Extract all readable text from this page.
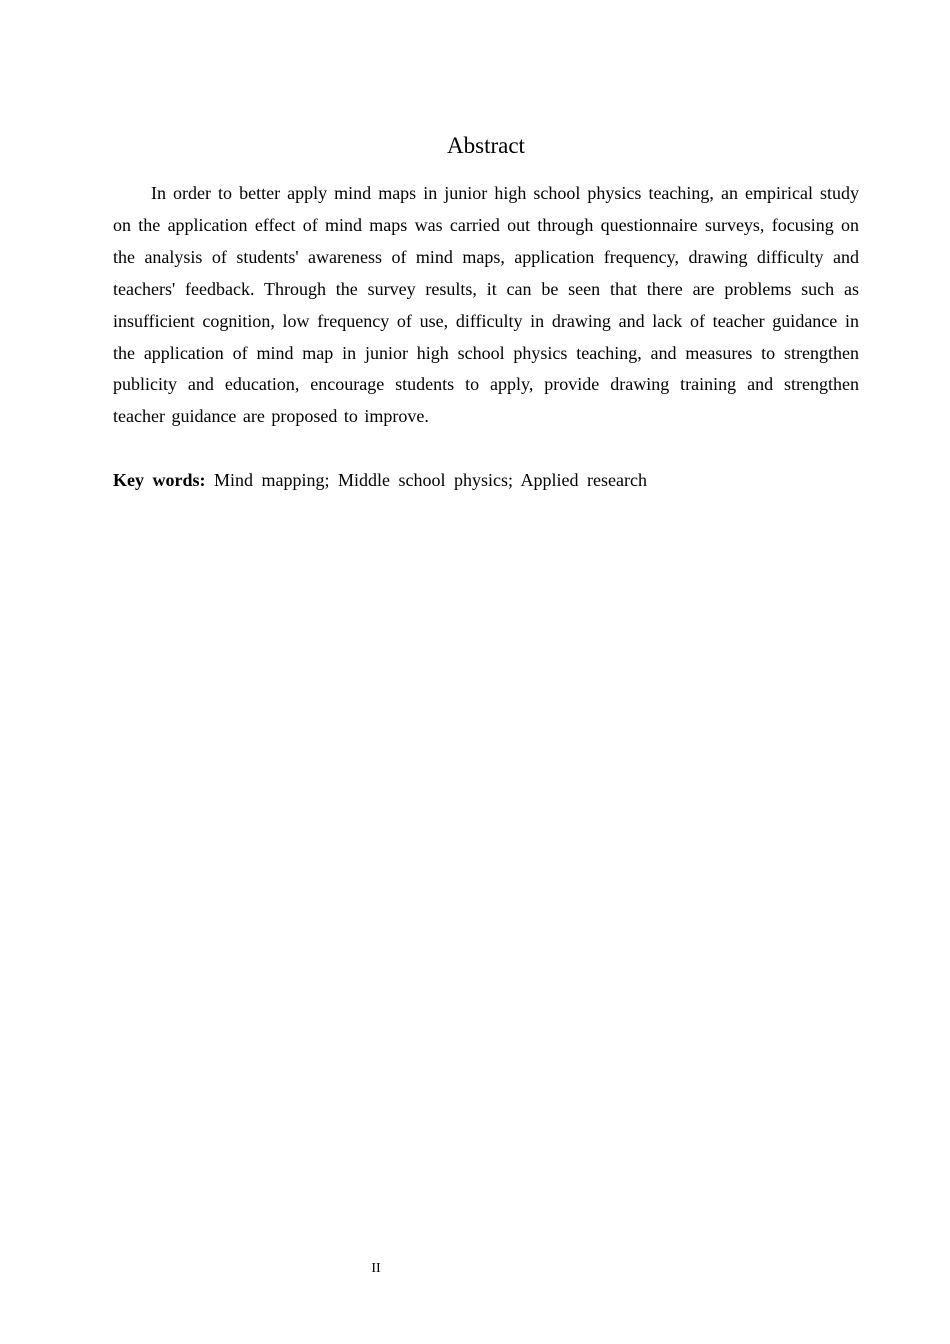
Abstract

In order to better apply mind maps in junior high school physics teaching, an empirical study on the application effect of mind maps was carried out through questionnaire surveys, focusing on the analysis of students' awareness of mind maps, application frequency, drawing difficulty and teachers' feedback. Through the survey results, it can be seen that there are problems such as insufficient cognition, low frequency of use, difficulty in drawing and lack of teacher guidance in the application of mind map in junior high school physics teaching, and measures to strengthen publicity and education, encourage students to apply, provide drawing training and strengthen teacher guidance are proposed to improve.

Key words: Mind mapping; Middle school physics; Applied research

II
